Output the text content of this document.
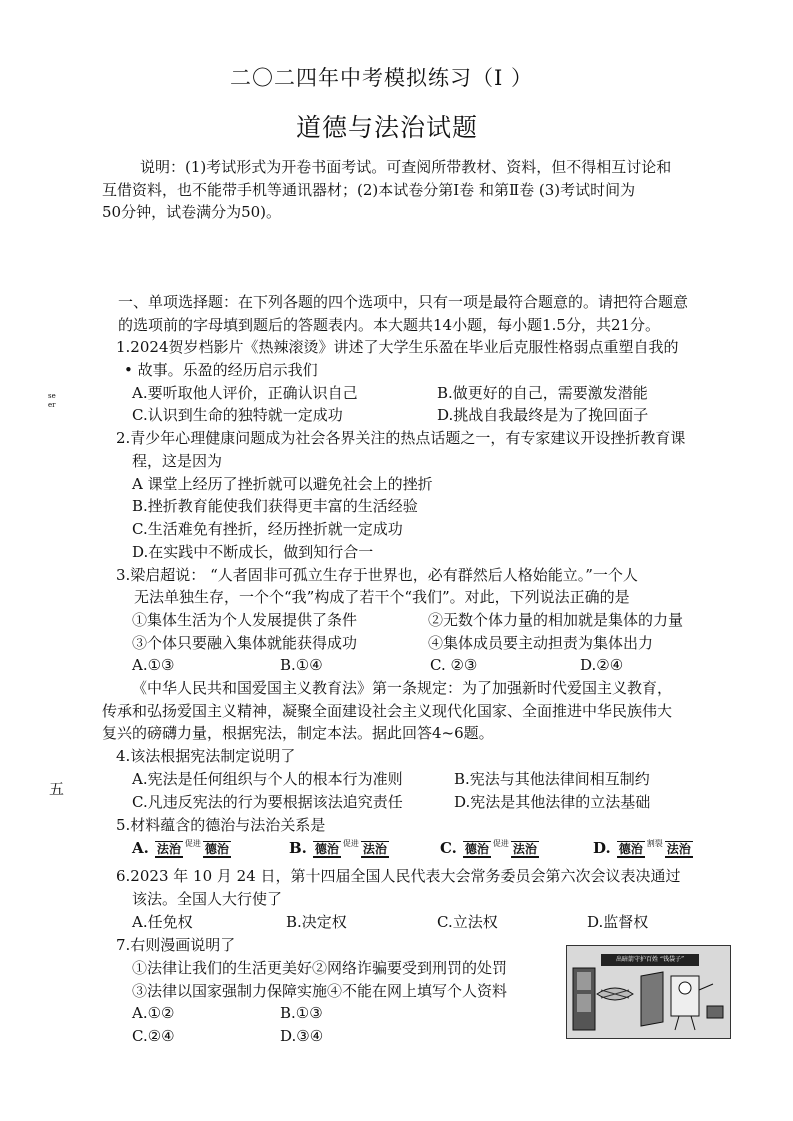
二〇二四年中考模拟练习（Ⅰ ）
道德与法治试题
说明：(1)考试形式为开卷书面考试。可查阅所带教材、资料，但不得相互讨论和
互借资料，也不能带手机等通讯器材；(2)本试卷分第Ⅰ卷 和第Ⅱ卷 (3)考试时间为
50分钟，试卷满分为50)。
se
er
五
一、单项选择题：在下列各题的四个选项中，只有一项是最符合题意的。请把符合题意
的选项前的字母填到题后的答题表内。本大题共14小题，每小题1.5分，共21分。
1.2024贺岁档影片《热辣滚烫》讲述了大学生乐盈在毕业后克服性格弱点重塑自我的
• 故事。乐盈的经历启示我们
A.要听取他人评价，正确认识自己	B.做更好的自己，需要激发潜能
C.认识到生命的独特就一定成功	D.挑战自我最终是为了挽回面子
2.青少年心理健康问题成为社会各界关注的热点话题之一，有专家建议开设挫折教育课
程，这是因为
A 课堂上经历了挫折就可以避免社会上的挫折
B.挫折教育能使我们获得更丰富的生活经验
C.生活难免有挫折，经历挫折就一定成功
D.在实践中不断成长，做到知行合一
3.梁启超说： “人者固非可孤立生存于世界也，必有群然后人格始能立。”一个人
无法单独生存，一个个“我”构成了若干个“我们”。对此，下列说法正确的是
①集体生活为个人发展提供了条件	②无数个体力量的相加就是集体的力量
③个体只要融入集体就能获得成功	④集体成员要主动担责为集体出力
A.①③	B.①④	C. ②③	D.②④
《中华人民共和国爱国主义教育法》第一条规定：为了加强新时代爱国主义教育，
传承和弘扬爱国主义精神，凝聚全面建设社会主义现代化国家、全面推进中华民族伟大
复兴的磅礴力量，根据宪法，制定本法。据此回答4~6题。
4.该法根据宪法制定说明了
A.宪法是任何组织与个人的根本行为准则	B.宪法与其他法律间相互制约
C.凡违反宪法的行为要根据该法追究责任	D.宪法是其他法律的立法基础
5.材料蕴含的德治与法治关系是
A. 法治 促进 德治	B. 德治 促进 法治	C. 德治 促进 法治	D. 德治 割裂 法治
6.2023 年 10 月 24 日，第十四届全国人民代表大会常务委员会第六次会议表决通过
该法。全国人大行使了
A.任免权	B.决定权	C.立法权	D.监督权
7.右则漫画说明了
①法律让我们的生活更美好②网络诈骗要受到刑罚的处罚
③法律以国家强制力保障实施④不能在网上填写个人资料
A.①②	B.①③
C.②④	D.③④
出暗箭守护百姓 “钱袋子”
